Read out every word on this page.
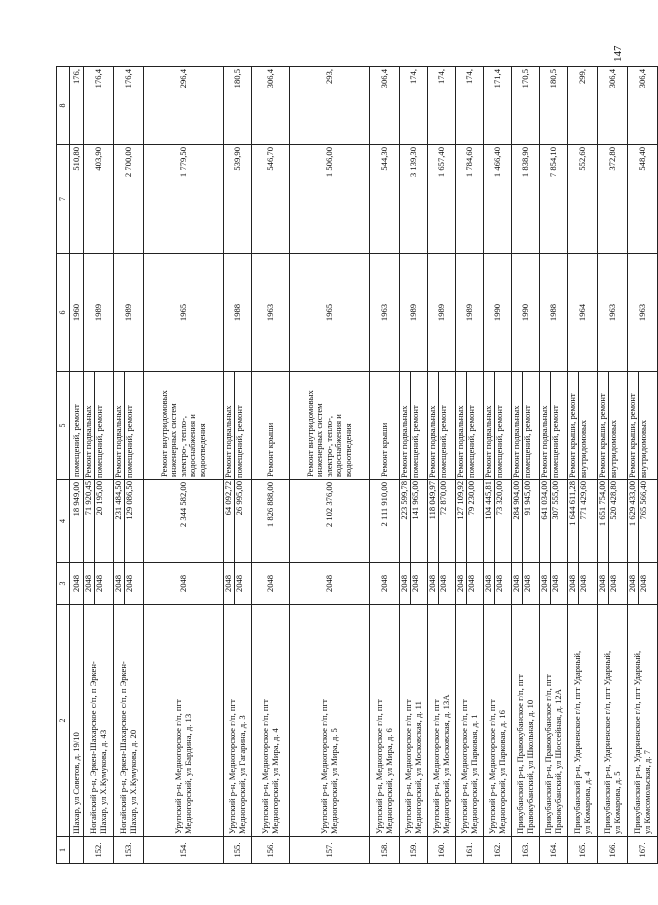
147
1	2	3	4	5	6	7	8

	Шахар, ул Советов, д. 19/10	2048	18 949,00	помещений, ремонт	1960	510,80	176,
152.	Ногайский р-н, Эркен-Шахарское с/п, п Эркен- Шахар, ул Х.Кумукова, д. 43	2048 2048	71 920,45 20 195,00	Ремонт подвальных помещений, ремонт	1989	403,90	176,4
153.	Ногайский р-н, Эркен-Шахарское с/п, п Эркен- Шахар, ул Х.Кумукова, д. 20	2048 2048	231 484,50 129 086,50	Ремонт подвальных помещений, ремонт	1989	2 700,00	176,4
154.	Урупский р-н, Медногорское г/п, пгт Медногорский, ул Бардина, д. 13	2048	2 344 582,00	Ремонт внутридомовых инженерных систем электро-, тепло-, водоснабжения и водоотведения	1965	1 779,50	296,4
155.	Урупский р-н, Медногорское г/п, пгт Медногорский, ул Гагарина, д. 3	2048 2048	64 092,72 26 995,00	Ремонт подвальных помещений, ремонт	1988	539,90	180,5
156.	Урупский р-н, Медногорское г/п, пгт Медногорский, ул Мира, д. 4	2048	1 826 888,00	Ремонт крыши	1963	546,70	306,4
157.	Урупский р-н, Медногорское г/п, пгт Медногорский, ул Мира, д. 5	2048	2 102 376,00	Ремонт внутридомовых инженерных систем электро-, тепло-, водоснабжения и водоотведения	1965	1 506,00	293,
158.	Урупский р-н, Медногорское г/п, пгт Медногорский, ул Мира, д. 6	2048	2 111 910,00	Ремонт крыши	1963	544,30	306,4
159.	Урупский р-н, Медногорское г/п, пгт Медногорский, ул Московская, д. 11	2048 2048	223 599,78 141 965,00	Ремонт подвальных помещений, ремонт	1989	3 139,30	174,
160.	Урупский р-н, Медногорское г/п, пгт Медногорский, ул Московская, д. 13А	2048 2048	118 049,97 72 870,00	Ремонт подвальных помещений, ремонт	1989	1 657,40	174,
161.	Урупский р-н, Медногорское г/п, пгт Медногорский, ул Парковая, д. 1	2048 2048	127 109,92 79 230,00	Ремонт подвальных помещений, ремонт	1989	1 784,60	174,
162.	Урупский р-н, Медногорское г/п, пгт Медногорский, ул Парковая, д. 16	2048 2048	104 445,81 73 320,00	Ремонт подвальных помещений, ремонт	1990	1 466,40	171,4
163.	Прикубанский р-н, Правокубанское г/п, пгт Правокубанский, ул Школьная, д. 10	2048 2048	284 904,00 91 945,00	Ремонт подвальных помещений, ремонт	1990	1 838,90	170,5
164.	Прикубанский р-н, Правокубанское г/п, пгт Правокубанский, ул Шоссейная, д. 12А	2048 2048	641 034,00 307 555,00	Ремонт подвальных помещений, ремонт	1988	7 854,10	180,5
165.	Прикубанский р-н, Ударненское г/п, пгт Ударный, ул Комарова, д. 4	2048 2048	1 644 611,28 771 429,60	Ремонт крыши, ремонт внутридомовых	1964	552,60	299,
166.	Прикубанский р-н, Ударненское г/п, пгт Ударный, ул Комарова, д. 5	2048 2048	1 651 754,00 520 428,80	Ремонт крыши, ремонт внутридомовых	1963	372,80	306,4
167.	Прикубанский р-н, Ударненское г/п, пгт Ударный, ул Комсомольская, д. 7	2048 2048	1 629 433,00 765 566,40	Ремонт крыши, ремонт внутридомовых	1963	548,40	306,4
